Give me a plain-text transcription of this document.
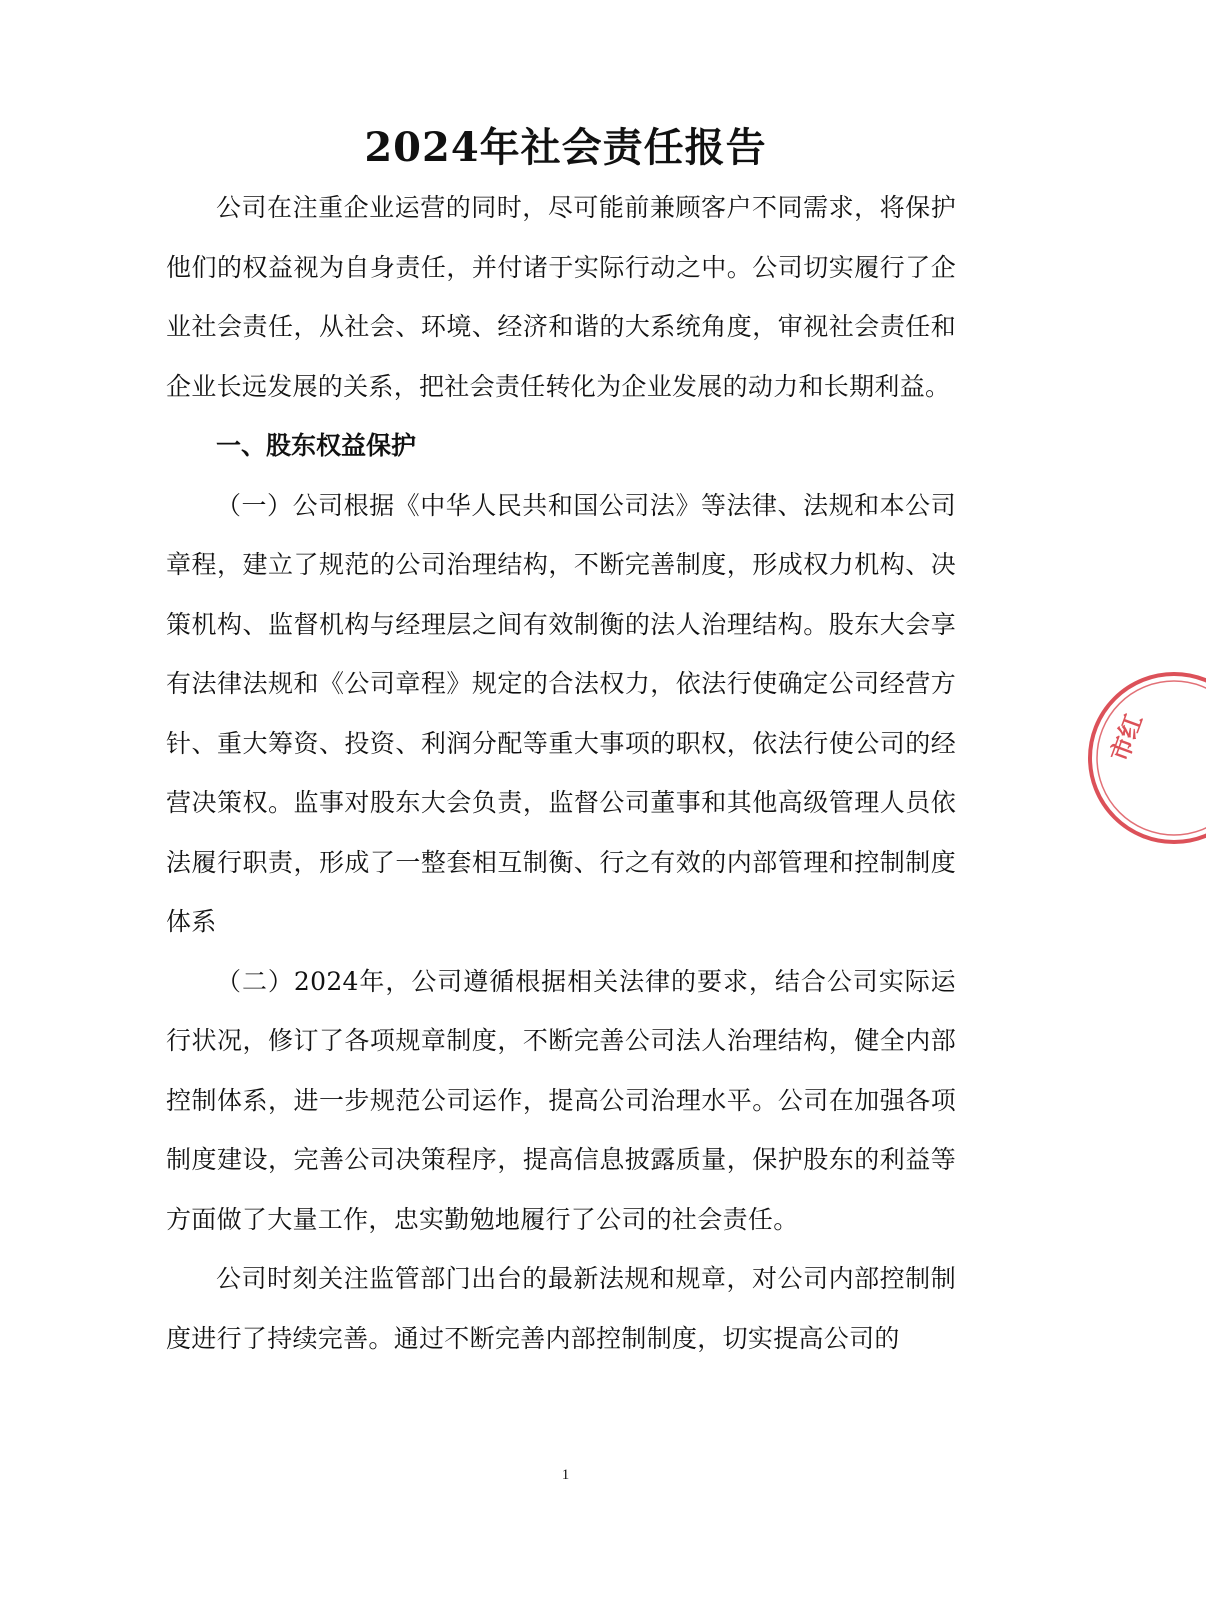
2024年社会责任报告

公司在注重企业运营的同时，尽可能前兼顾客户不同需求，将保护他们的权益视为自身责任，并付诸于实际行动之中。公司切实履行了企业社会责任，从社会、环境、经济和谐的大系统角度，审视社会责任和企业长远发展的关系，把社会责任转化为企业发展的动力和长期利益。

一、股东权益保护

（一）公司根据《中华人民共和国公司法》等法律、法规和本公司章程，建立了规范的公司治理结构，不断完善制度，形成权力机构、决策机构、监督机构与经理层之间有效制衡的法人治理结构。股东大会享有法律法规和《公司章程》规定的合法权力，依法行使确定公司经营方针、重大筹资、投资、利润分配等重大事项的职权，依法行使公司的经营决策权。监事对股东大会负责，监督公司董事和其他高级管理人员依法履行职责，形成了一整套相互制衡、行之有效的内部管理和控制制度体系

（二）2024年，公司遵循根据相关法律的要求，结合公司实际运行状况，修订了各项规章制度，不断完善公司法人治理结构，健全内部控制体系，进一步规范公司运作，提高公司治理水平。公司在加强各项制度建设，完善公司决策程序，提高信息披露质量，保护股东的利益等方面做了大量工作，忠实勤勉地履行了公司的社会责任。

公司时刻关注监管部门出台的最新法规和规章，对公司内部控制制度进行了持续完善。通过不断完善内部控制制度，切实提高公司的

1
市红
